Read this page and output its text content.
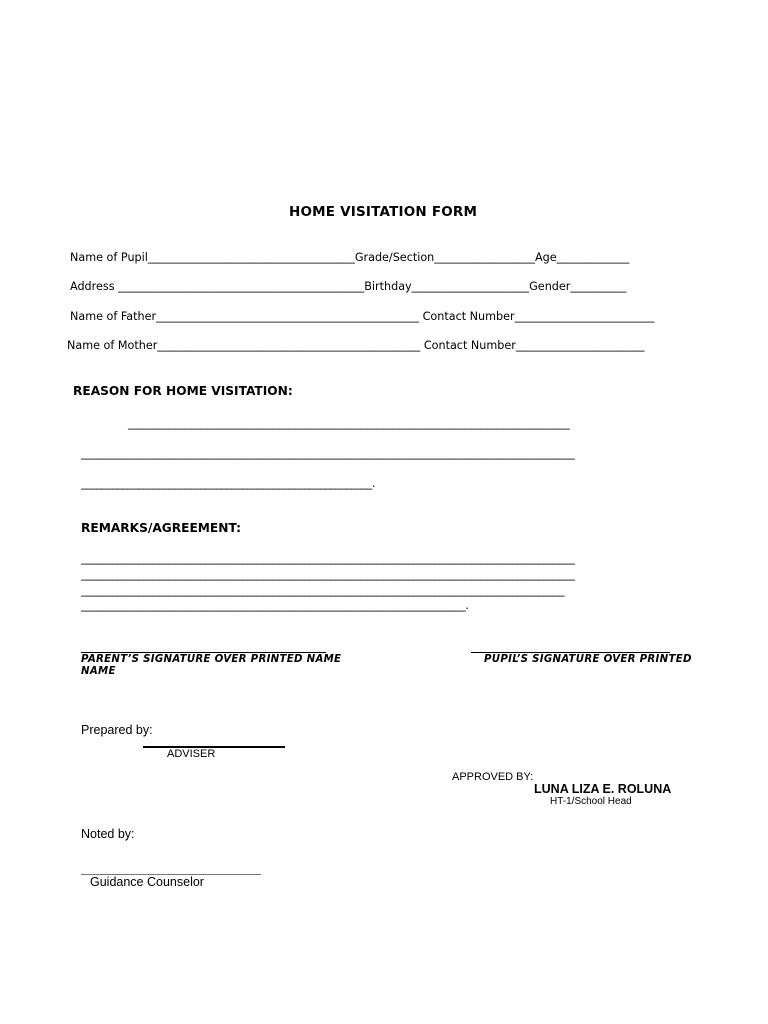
HOME VISITATION FORM
Name of Pupil_____________________________________Grade/Section__________________Age_____________
Address ____________________________________________Birthday_____________________Gender__________
Name of Father_______________________________________________ Contact Number_________________________
Name of Mother_______________________________________________ Contact Number_______________________
REASON FOR HOME VISITATION:
_____________________________________________________________________________________
_______________________________________________________________________________________________
________________________________________________________.
REMARKS/AGREEMENT:
_______________________________________________________________________________________________
_______________________________________________________________________________________________
_____________________________________________________________________________________________
__________________________________________________________________________.
PARENT’S SIGNATURE OVER PRINTED NAME
NAME
PUPIL’S SIGNATURE OVER PRINTED
Prepared by:
ADVISER
APPROVED BY:
LUNA LIZA E. ROLUNA
HT-1/School Head
Noted by:
Guidance Counselor
